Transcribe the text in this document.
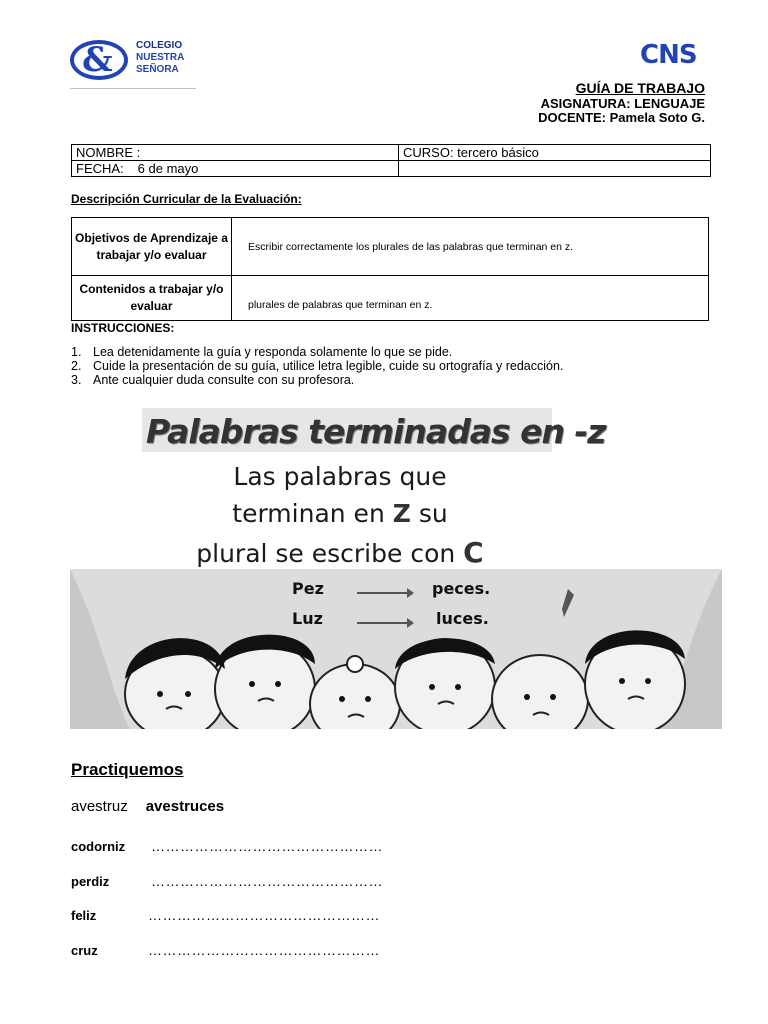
& COLEGIO
NUESTRA
SEÑORA	CNS
GUÍA DE TRABAJO
ASIGNATURA: LENGUAJE
DOCENTE: Pamela Soto G.
NOMBRE :	CURSO: tercero básico
FECHA: 6 de mayo	
Descripción Curricular de la Evaluación:
Objetivos de Aprendizaje a trabajar y/o evaluar	Escribir correctamente los plurales de las palabras que terminan en z.
Contenidos a trabajar y/o evaluar	plurales de palabras que terminan en z.
INSTRUCCIONES:
1. Lea detenidamente la guía y responda solamente lo que se pide.
2. Cuide la presentación de su guía, utilice letra legible, cuide su ortografía y redacción.
3. Ante cualquier duda consulte con su profesora.
Palabras terminadas en -z
Las palabras que
terminan en Z su
plural se escribe con C
Pez	peces.
Luz	luces.
Practiquemos
avestruz avestruces
codorniz …………………………………………
perdiz	…………………………………………
feliz	…………………………………………
cruz	…………………………………………
